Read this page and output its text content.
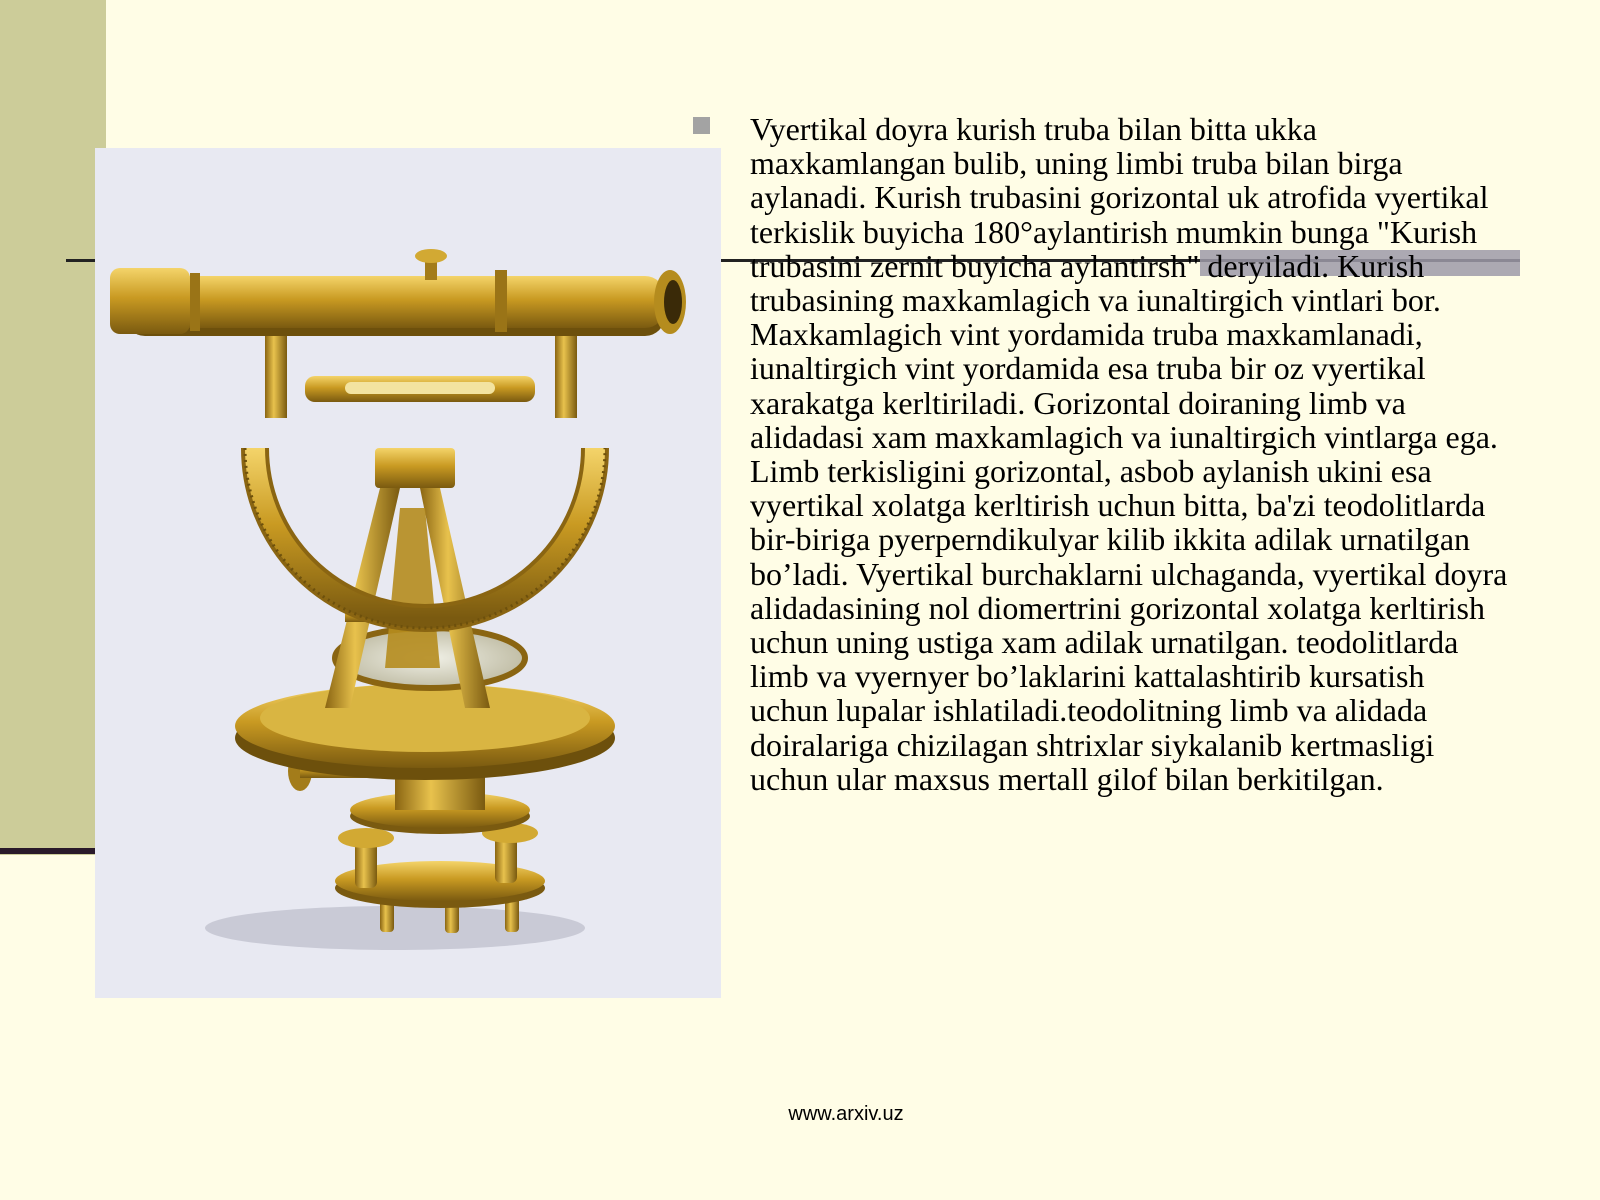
Vyertikal doyra kurish truba bilan bitta ukka maxkamlangan bulib, uning limbi truba bilan birga aylanadi. Kurish trubasini gorizontal uk atrofida vyertikal terkislik buyicha 180°aylantirish mumkin bunga "Kurish trubasini zernit buyicha aylantirsh" deryiladi. Kurish trubasining maxkamlagich va iunaltirgich vintlari bor. Maxkamlagich vint yordamida truba maxkamlanadi, iunaltirgich vint yordamida esa truba bir oz vyertikal xarakatga kerltiriladi. Gorizontal doiraning limb va alidadasi xam maxkamlagich va iunaltirgich vintlarga ega. Limb terkisligini gorizontal, asbob aylanish ukini esa vyertikal xolatga kerltirish uchun bitta, ba'zi teodolitlarda bir-biriga pyerperndikulyar kilib ikkita adilak urnatilgan bo’ladi. Vyertikal burchaklarni ulchaganda, vyertikal doyra alidadasining nol diomertrini gorizontal xolatga kerltirish uchun uning ustiga xam adilak urnatilgan. teodolitlarda limb va vyernyer bo’laklarini kattalashtirib kursatish uchun lupalar ishlatiladi.teodolitning limb va alidada doiralariga chizilagan shtrixlar siykalanib kertmasligi uchun ular maxsus mertall gilof bilan berkitilgan.

www.arxiv.uz
